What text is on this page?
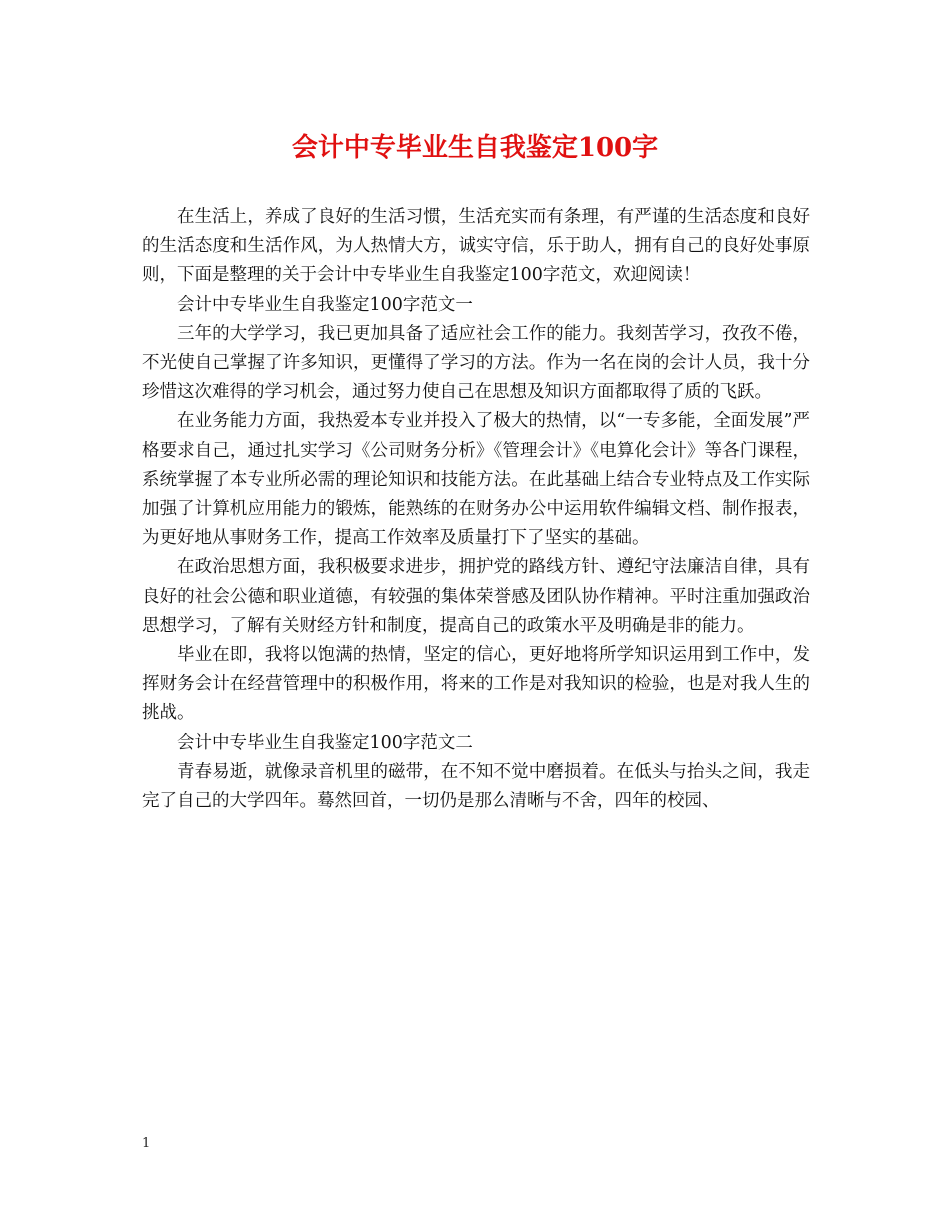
会计中专毕业生自我鉴定100字

在生活上，养成了良好的生活习惯，生活充实而有条理，有严谨的生活态度和良好的生活态度和生活作风，为人热情大方，诚实守信，乐于助人，拥有自己的良好处事原则，下面是整理的关于会计中专毕业生自我鉴定100字范文，欢迎阅读！

会计中专毕业生自我鉴定100字范文一

三年的大学学习，我已更加具备了适应社会工作的能力。我刻苦学习，孜孜不倦，不光使自己掌握了许多知识，更懂得了学习的方法。作为一名在岗的会计人员，我十分珍惜这次难得的学习机会，通过努力使自己在思想及知识方面都取得了质的飞跃。

在业务能力方面，我热爱本专业并投入了极大的热情，以“一专多能，全面发展”严格要求自己，通过扎实学习《公司财务分析》《管理会计》《电算化会计》等各门课程，系统掌握了本专业所必需的理论知识和技能方法。在此基础上结合专业特点及工作实际加强了计算机应用能力的锻炼，能熟练的在财务办公中运用软件编辑文档、制作报表，为更好地从事财务工作，提高工作效率及质量打下了坚实的基础。

在政治思想方面，我积极要求进步，拥护党的路线方针、遵纪守法廉洁自律，具有良好的社会公德和职业道德，有较强的集体荣誉感及团队协作精神。平时注重加强政治思想学习，了解有关财经方针和制度，提高自己的政策水平及明确是非的能力。

毕业在即，我将以饱满的热情，坚定的信心，更好地将所学知识运用到工作中，发挥财务会计在经营管理中的积极作用，将来的工作是对我知识的检验，也是对我人生的挑战。

会计中专毕业生自我鉴定100字范文二

青春易逝，就像录音机里的磁带，在不知不觉中磨损着。在低头与抬头之间，我走完了自己的大学四年。蓦然回首，一切仍是那么清晰与不舍，四年的校园、

1
